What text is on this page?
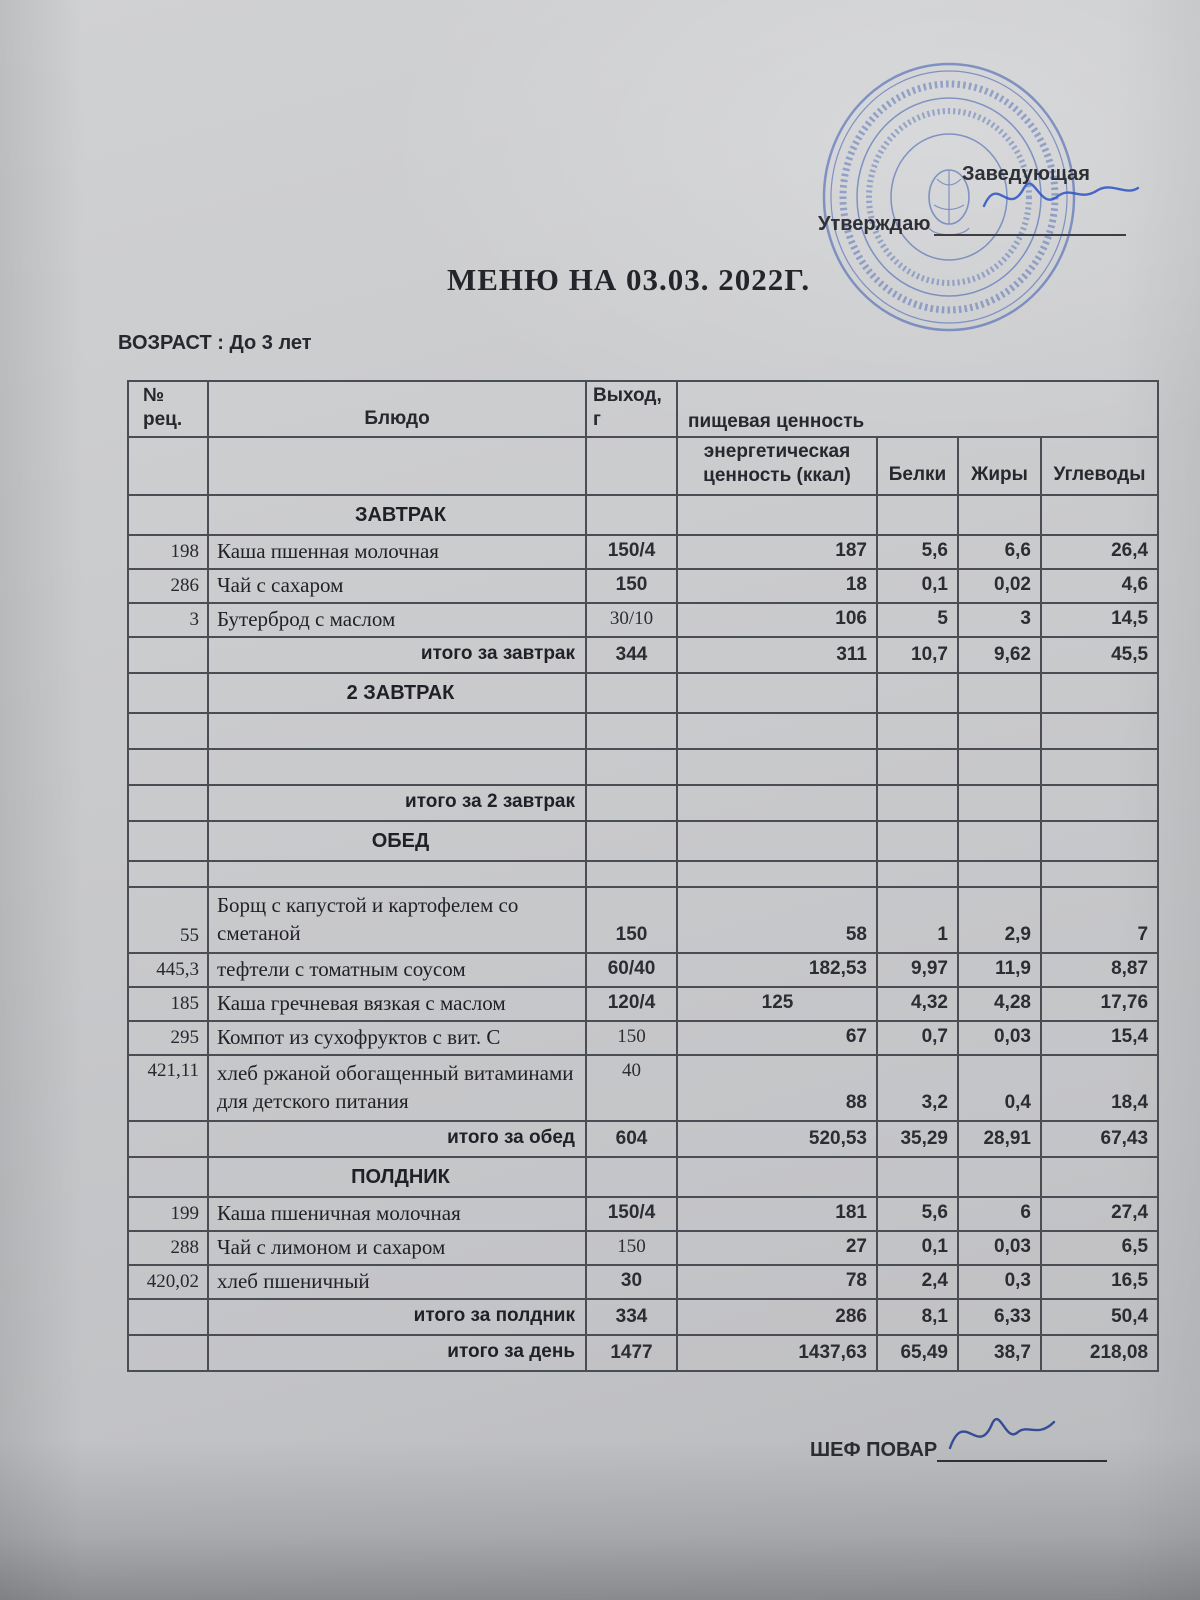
Заведующая
Утверждаю
МЕНЮ НА 03.03. 2022Г.
ВОЗРАСТ : До 3 лет
№ рец.	Блюдо	Выход, г	пищевая ценность			
			энергетическая ценность (ккал)	Белки	Жиры	Углеводы
	ЗАВТРАК					
198	Каша пшенная молочная	150/4	187	5,6	6,6	26,4
286	Чай с сахаром	150	18	0,1	0,02	4,6
3	Бутерброд с маслом	30/10	106	5	3	14,5
	итого за завтрак	344	311	10,7	9,62	45,5
	2 ЗАВТРАК					

	итого за 2 завтрак					
	ОБЕД					

55	Борщ с капустой и картофелем со сметаной	150	58	1	2,9	7
445,3	тефтели с томатным соусом	60/40	182,53	9,97	11,9	8,87
185	Каша гречневая вязкая с маслом	120/4	125	4,32	4,28	17,76
295	Компот из сухофруктов с вит. С	150	67	0,7	0,03	15,4
421,11	хлеб ржаной обогащенный витаминами для детского питания	40	88	3,2	0,4	18,4
	итого за обед	604	520,53	35,29	28,91	67,43
	ПОЛДНИК					
199	Каша пшеничная молочная	150/4	181	5,6	6	27,4
288	Чай с лимоном и сахаром	150	27	0,1	0,03	6,5
420,02	хлеб пшеничный	30	78	2,4	0,3	16,5
	итого за полдник	334	286	8,1	6,33	50,4
	итого за день	1477	1437,63	65,49	38,7	218,08
ШЕФ ПОВАР
